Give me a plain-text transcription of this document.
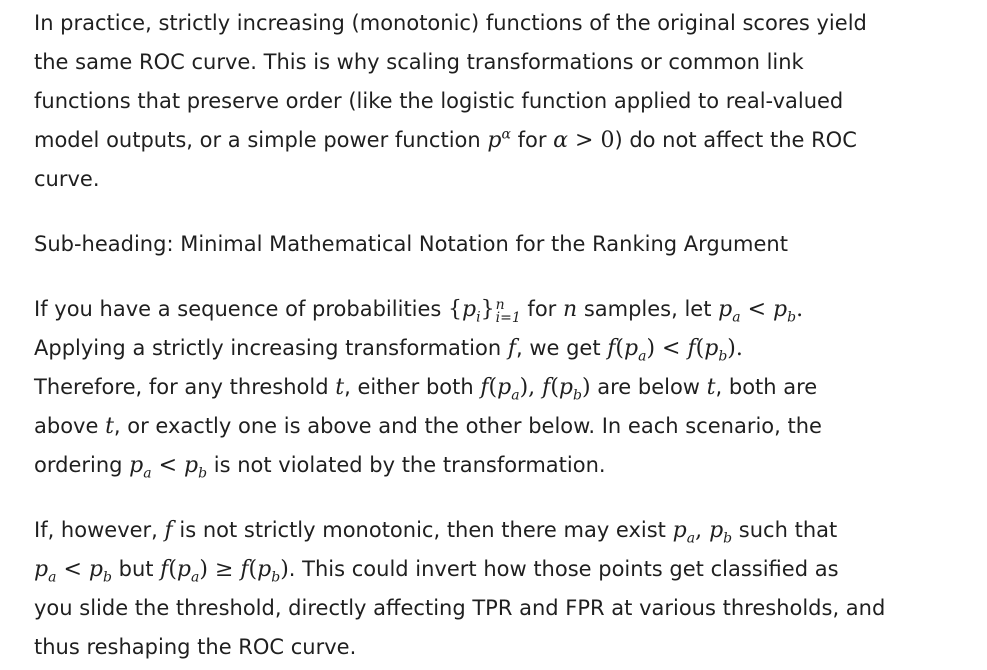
In practice, strictly increasing (monotonic) functions of the original scores yield
the same ROC curve. This is why scaling transformations or common link
functions that preserve order (like the logistic function applied to real-valued
model outputs, or a simple power function $p^\alpha$ for α > 0) do not affect the ROC
curve.

Sub-heading: Minimal Mathematical Notation for the Ranking Argument

If you have a sequence of probabilities $\{p_i\}$ n
i=1 for n samples, let $p_a < p_b$.
Applying a strictly increasing transformation f, we get $f(p_a) < f(p_b)$.
Therefore, for any threshold t, either both $f(p_a)$, $f(p_b)$ are below t, both are
above t, or exactly one is above and the other below. In each scenario, the
ordering $p_a < p_b$ is not violated by the transformation.

If, however, f is not strictly monotonic, then there may exist $p_a$, $p_b$ such that
$p_a < p_b$ but $f(p_a) \ge f(p_b)$. This could invert how those points get classified as
you slide the threshold, directly affecting TPR and FPR at various thresholds, and
thus reshaping the ROC curve.
